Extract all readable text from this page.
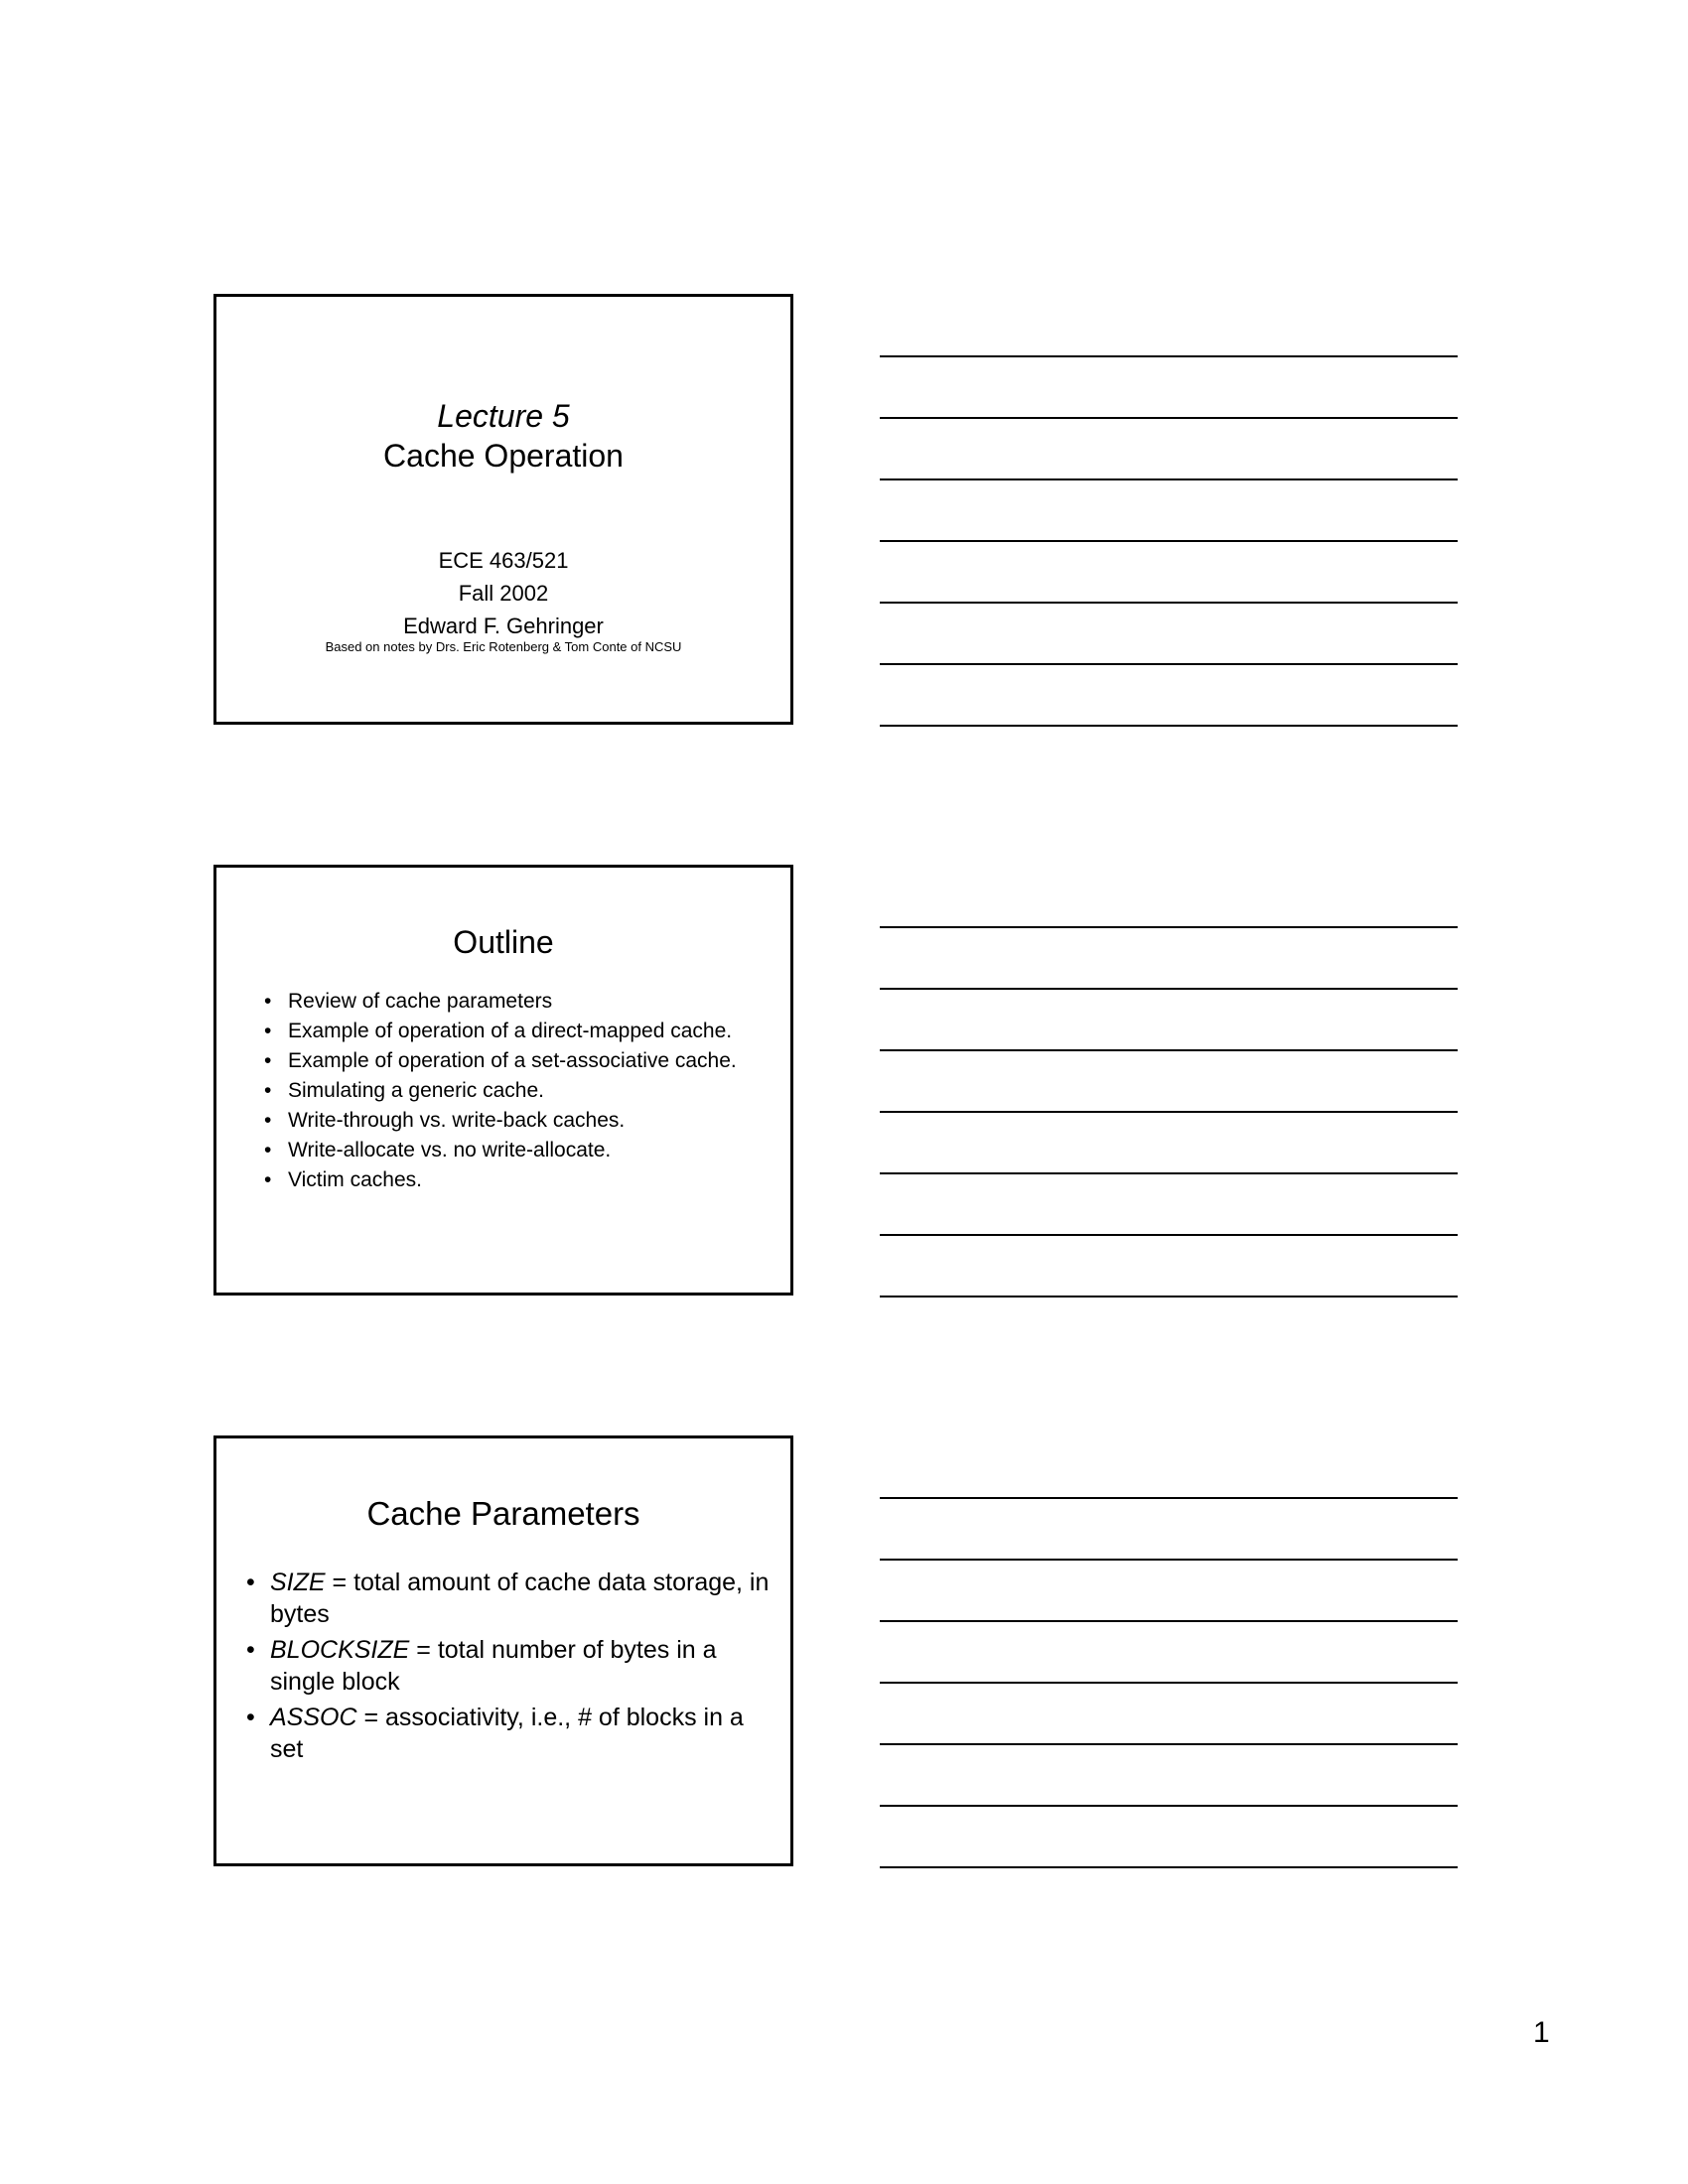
Lecture 5
Cache Operation
ECE 463/521
Fall 2002
Edward F. Gehringer
Based on notes by Drs. Eric Rotenberg & Tom Conte of NCSU
Outline
• Review of cache parameters
• Example of operation of a direct-mapped cache.
• Example of operation of a set-associative cache.
• Simulating a generic cache.
• Write-through vs. write-back caches.
• Write-allocate vs. no write-allocate.
• Victim caches.
Cache Parameters
• SIZE = total amount of cache data storage, in bytes
• BLOCKSIZE = total number of bytes in a single block
• ASSOC = associativity, i.e., # of blocks in a set
1
